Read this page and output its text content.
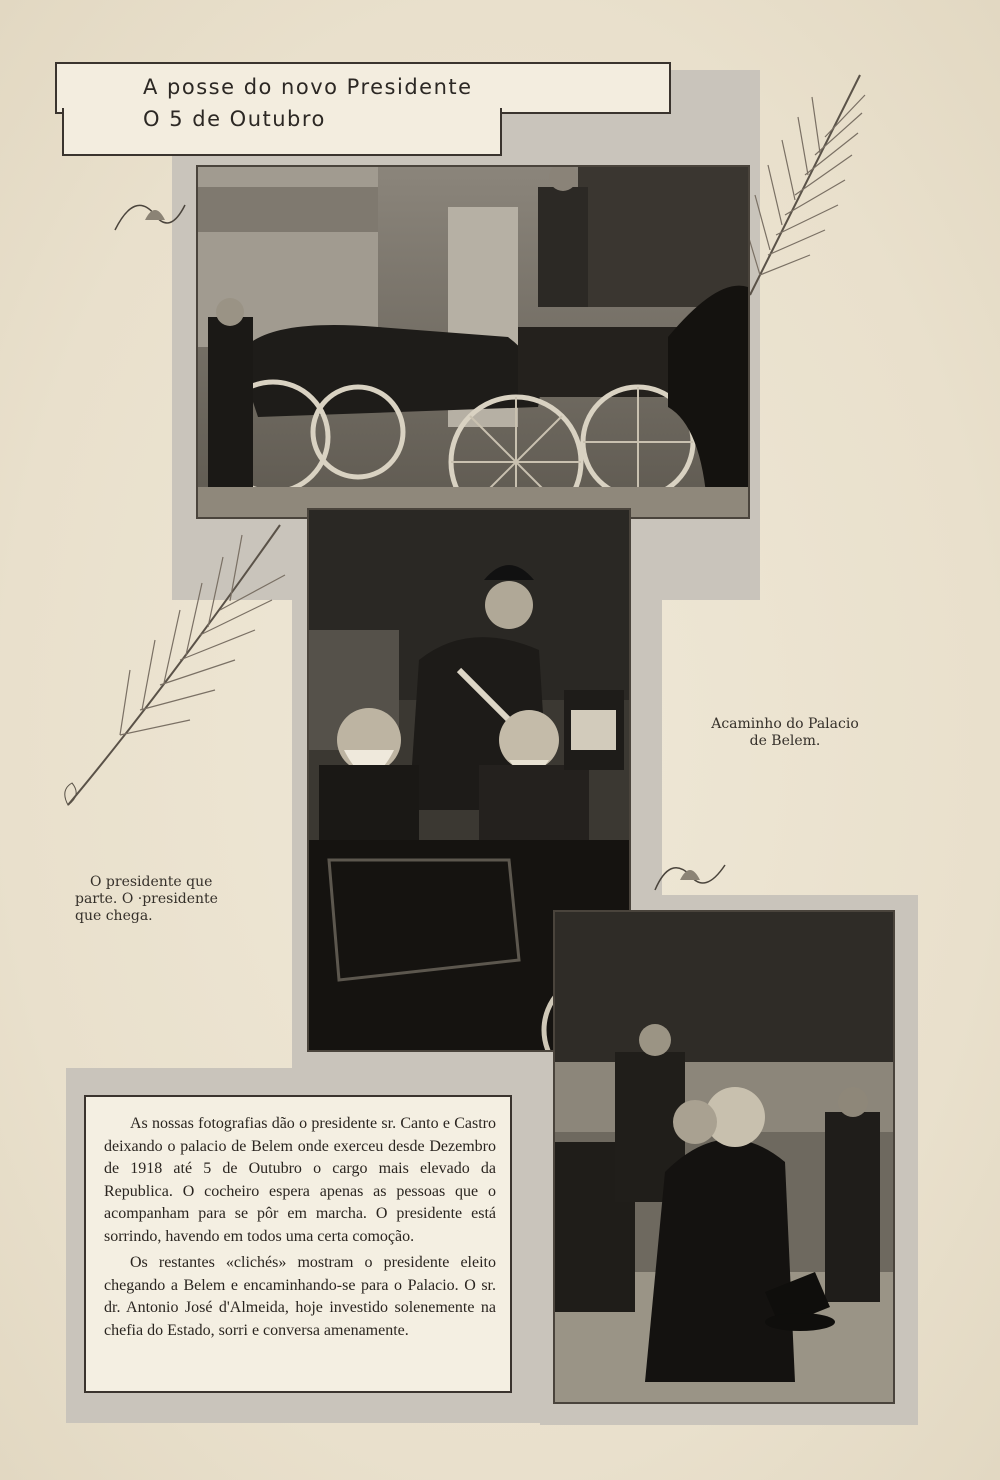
A posse do novo Presidente
O 5 de Outubro
Acaminho do Palacio
de Belem.
O presidente que
parte. O ·presidente
que chega.

As nossas fotografias dão o presidente sr. Canto e Castro deixando o palacio de Belem onde exerceu desde Dezembro de 1918 até 5 de Outubro o cargo mais elevado da Republica. O cocheiro espera apenas as pessoas que o acompanham para se pôr em marcha. O presidente está sorrindo, havendo em todos uma certa comoção.

Os restantes «clichés» mostram o presidente eleito chegando a Belem e encaminhando-se para o Palacio. O sr. dr. Antonio José d'Almeida, hoje investido solenemente na chefia do Estado, sorri e conversa amenamente.
